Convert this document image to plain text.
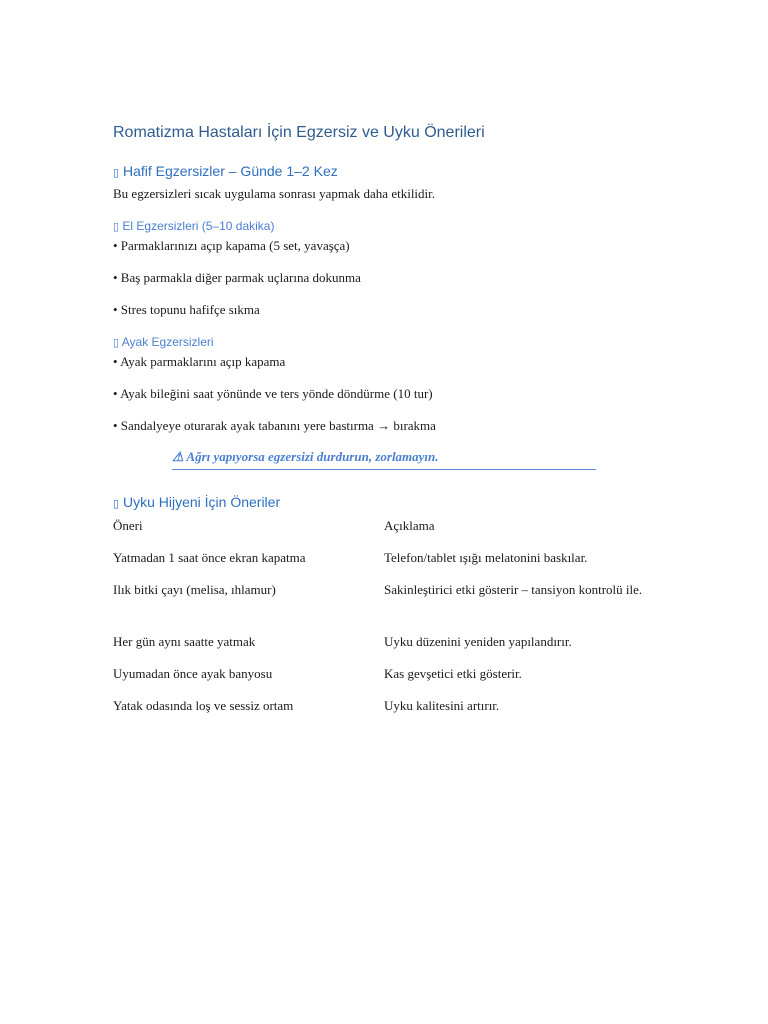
Romatizma Hastaları İçin Egzersiz ve Uyku Önerileri
▯ Hafif Egzersizler – Günde 1–2 Kez
Bu egzersizleri sıcak uygulama sonrası yapmak daha etkilidir.
▯ El Egzersizleri (5–10 dakika)
• Parmaklarınızı açıp kapama (5 set, yavaşça)
• Baş parmakla diğer parmak uçlarına dokunma
• Stres topunu hafifçe sıkma
▯ Ayak Egzersizleri
• Ayak parmaklarını açıp kapama
• Ayak bileğini saat yönünde ve ters yönde döndürme (10 tur)
• Sandalyeye oturarak ayak tabanını yere bastırma → bırakma
⚠ Ağrı yapıyorsa egzersizi durdurun, zorlamayın.
▯ Uyku Hijyeni İçin Öneriler
Öneri	Açıklama
Yatmadan 1 saat önce ekran kapatma	Telefon/tablet ışığı melatonini baskılar.
Ilık bitki çayı (melisa, ıhlamur)	Sakinleştirici etki gösterir – tansiyon kontrolü ile.
Her gün aynı saatte yatmak	Uyku düzenini yeniden yapılandırır.
Uyumadan önce ayak banyosu	Kas gevşetici etki gösterir.
Yatak odasında loş ve sessiz ortam	Uyku kalitesini artırır.
